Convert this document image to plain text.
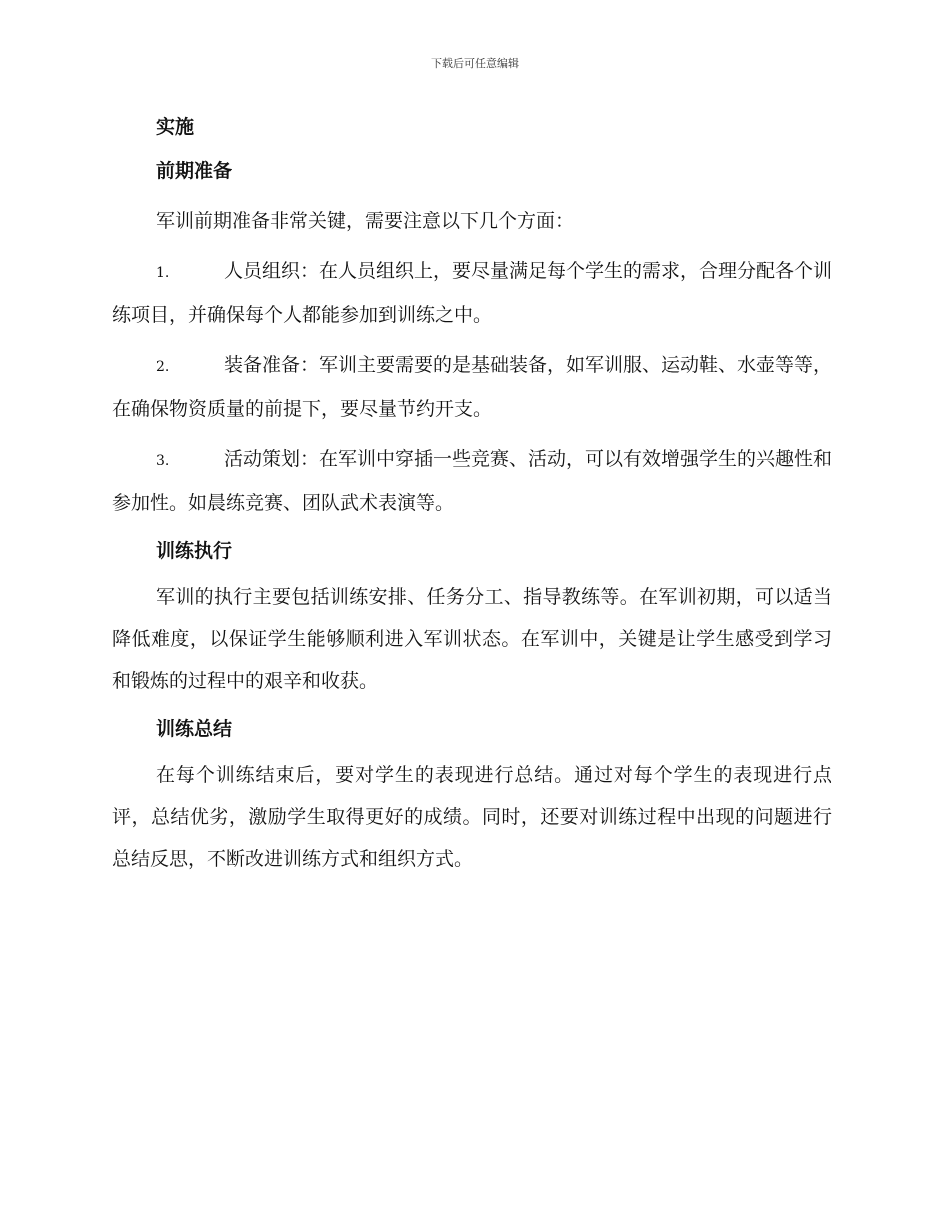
下载后可任意编辑
实施
前期准备

军训前期准备非常关键，需要注意以下几个方面：

1.	人员组织：在人员组织上，要尽量满足每个学生的需求，合理分配各个训练项目，并确保每个人都能参加到训练之中。

2.	装备准备：军训主要需要的是基础装备，如军训服、运动鞋、水壶等等，在确保物资质量的前提下，要尽量节约开支。

3.	活动策划：在军训中穿插一些竞赛、活动，可以有效增强学生的兴趣性和参加性。如晨练竞赛、团队武术表演等。

训练执行

军训的执行主要包括训练安排、任务分工、指导教练等。在军训初期，可以适当降低难度，以保证学生能够顺利进入军训状态。在军训中，关键是让学生感受到学习和锻炼的过程中的艰辛和收获。

训练总结

在每个训练结束后，要对学生的表现进行总结。通过对每个学生的表现进行点评，总结优劣，激励学生取得更好的成绩。同时，还要对训练过程中出现的问题进行总结反思，不断改进训练方式和组织方式。
